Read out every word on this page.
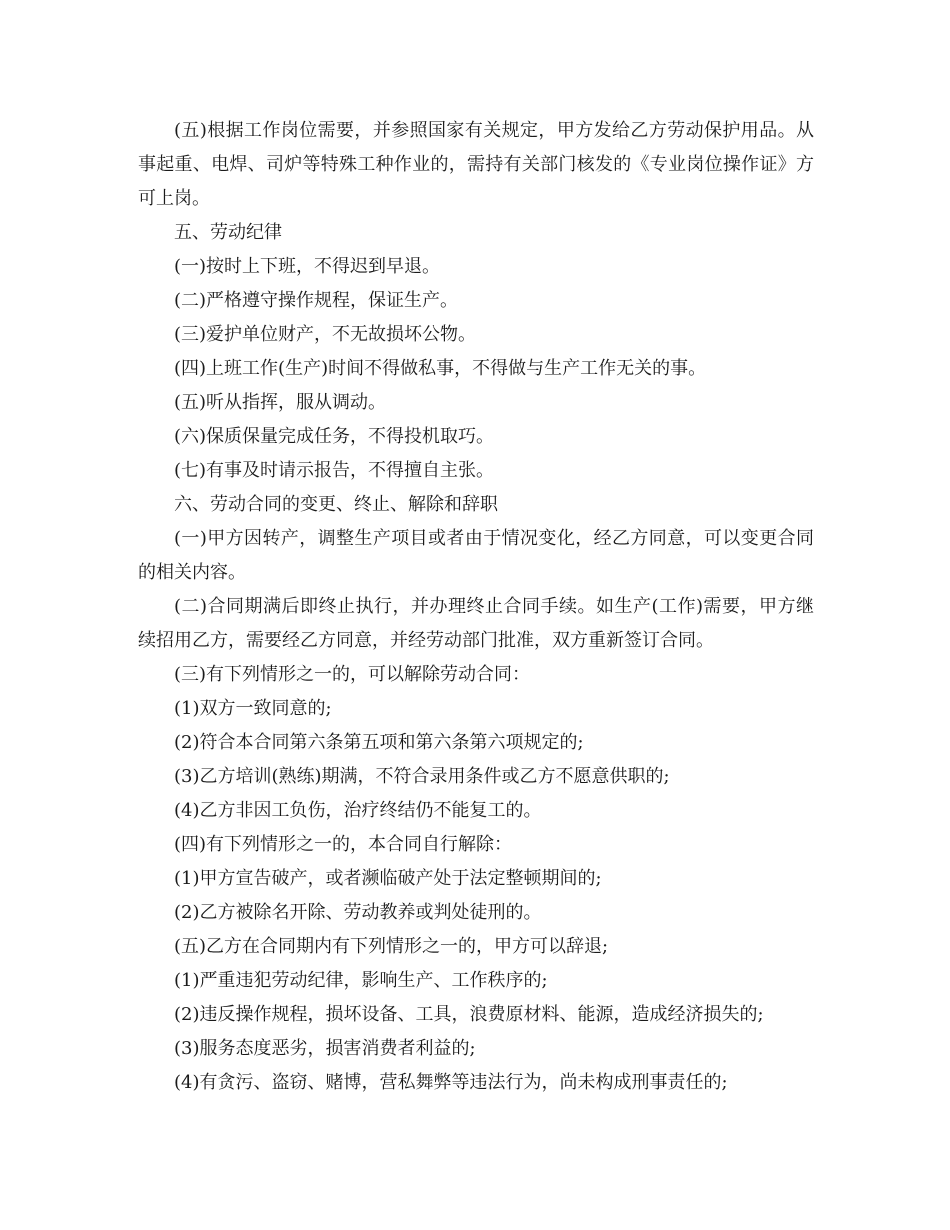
(五)根据工作岗位需要，并参照国家有关规定，甲方发给乙方劳动保护用品。从事起重、电焊、司炉等特殊工种作业的，需持有关部门核发的《专业岗位操作证》方可上岗。

五、劳动纪律

(一)按时上下班，不得迟到早退。

(二)严格遵守操作规程，保证生产。

(三)爱护单位财产，不无故损坏公物。

(四)上班工作(生产)时间不得做私事，不得做与生产工作无关的事。

(五)听从指挥，服从调动。

(六)保质保量完成任务，不得投机取巧。

(七)有事及时请示报告，不得擅自主张。

六、劳动合同的变更、终止、解除和辞职

(一)甲方因转产，调整生产项目或者由于情况变化，经乙方同意，可以变更合同的相关内容。

(二)合同期满后即终止执行，并办理终止合同手续。如生产(工作)需要，甲方继续招用乙方，需要经乙方同意，并经劳动部门批准，双方重新签订合同。

(三)有下列情形之一的，可以解除劳动合同：

(1)双方一致同意的;

(2)符合本合同第六条第五项和第六条第六项规定的;

(3)乙方培训(熟练)期满，不符合录用条件或乙方不愿意供职的;

(4)乙方非因工负伤，治疗终结仍不能复工的。

(四)有下列情形之一的，本合同自行解除：

(1)甲方宣告破产，或者濒临破产处于法定整顿期间的;

(2)乙方被除名开除、劳动教养或判处徒刑的。

(五)乙方在合同期内有下列情形之一的，甲方可以辞退;

(1)严重违犯劳动纪律，影响生产、工作秩序的;

(2)违反操作规程，损坏设备、工具，浪费原材料、能源，造成经济损失的;

(3)服务态度恶劣，损害消费者利益的;

(4)有贪污、盗窃、赌博，营私舞弊等违法行为，尚未构成刑事责任的;
